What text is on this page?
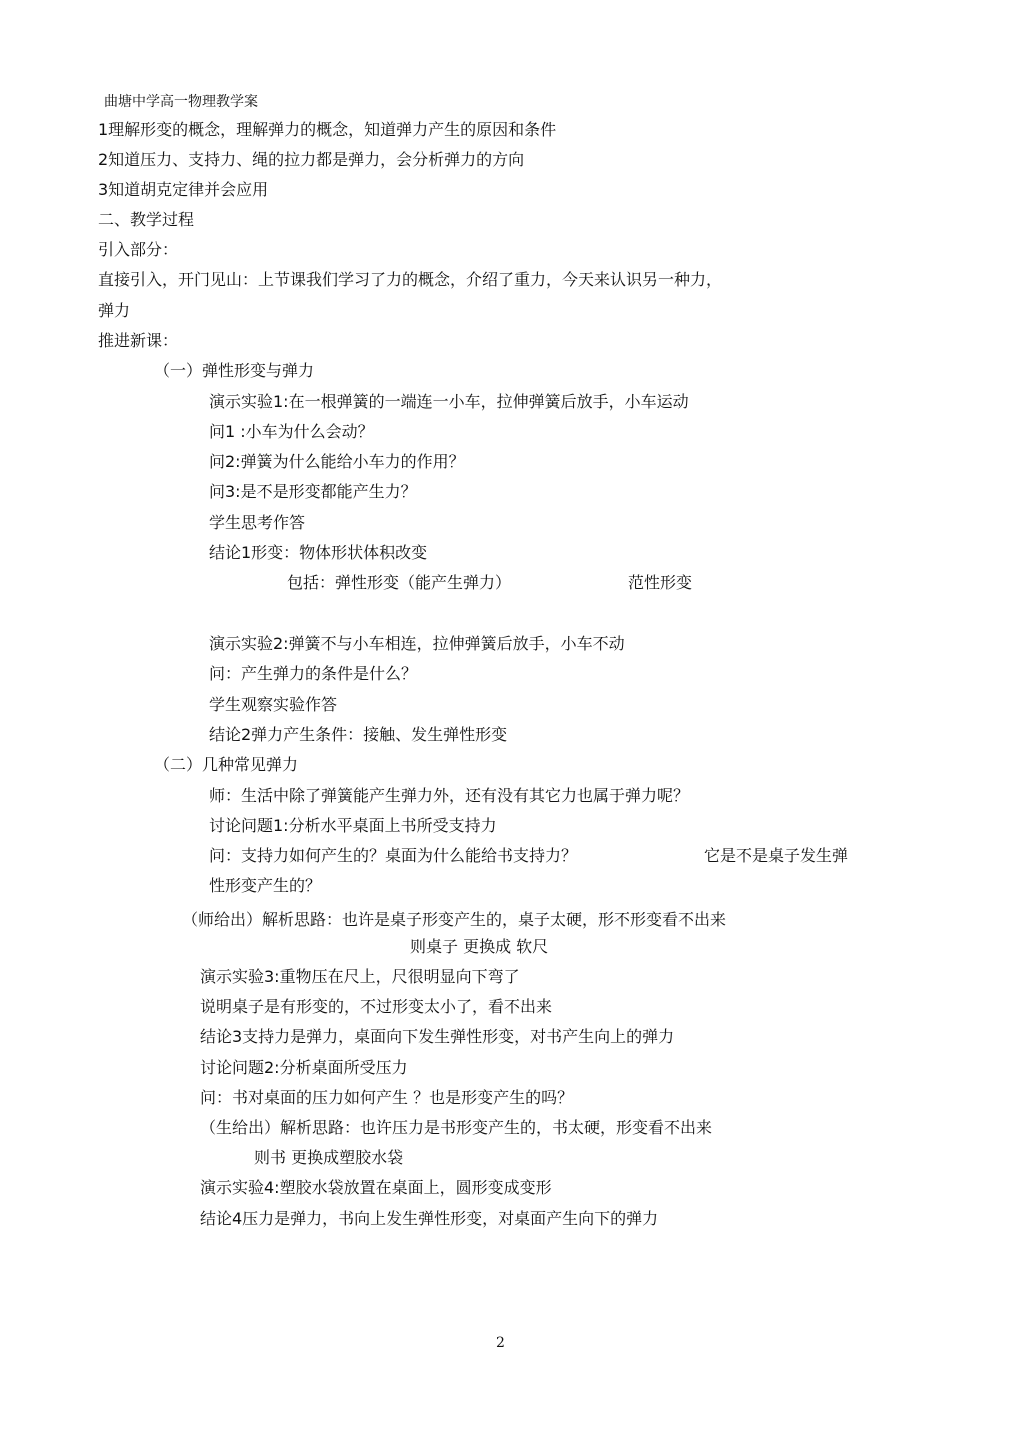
曲塘中学高一物理教学案
1理解形变的概念，理解弹力的概念，知道弹力产生的原因和条件
2知道压力、支持力、绳的拉力都是弹力，会分析弹力的方向
3知道胡克定律并会应用
二、教学过程
引入部分：
直接引入，开门见山：上节课我们学习了力的概念，介绍了重力，今天来认识另一种力，
弹力
推进新课：
（一）弹性形变与弹力
演示实验1:在一根弹簧的一端连一小车，拉伸弹簧后放手，小车运动
问1 :小车为什么会动？
问2:弹簧为什么能给小车力的作用？
问3:是不是形变都能产生力？
学生思考作答
结论1形变：物体形状体积改变
包括：弹性形变（能产生弹力）	范性形变
演示实验2:弹簧不与小车相连，拉伸弹簧后放手，小车不动
问：产生弹力的条件是什么？
学生观察实验作答
结论2弹力产生条件：接触、发生弹性形变
（二）几种常见弹力
师：生活中除了弹簧能产生弹力外，还有没有其它力也属于弹力呢？
讨论问题1:分析水平桌面上书所受支持力
问：支持力如何产生的？桌面为什么能给书支持力？	它是不是桌子发生弹
性形变产生的？
（师给出）解析思路：也许是桌子形变产生的，桌子太硬，形不形变看不出来
则桌子 更换成 软尺
演示实验3:重物压在尺上，尺很明显向下弯了
说明桌子是有形变的，不过形变太小了，看不出来
结论3支持力是弹力，桌面向下发生弹性形变，对书产生向上的弹力
讨论问题2:分析桌面所受压力
问：书对桌面的压力如何产生 ？也是形变产生的吗？
（生给出）解析思路：也许压力是书形变产生的，书太硬，形变看不出来
则书 更换成塑胶水袋
演示实验4:塑胶水袋放置在桌面上，圆形变成变形
结论4压力是弹力，书向上发生弹性形变，对桌面产生向下的弹力
2
